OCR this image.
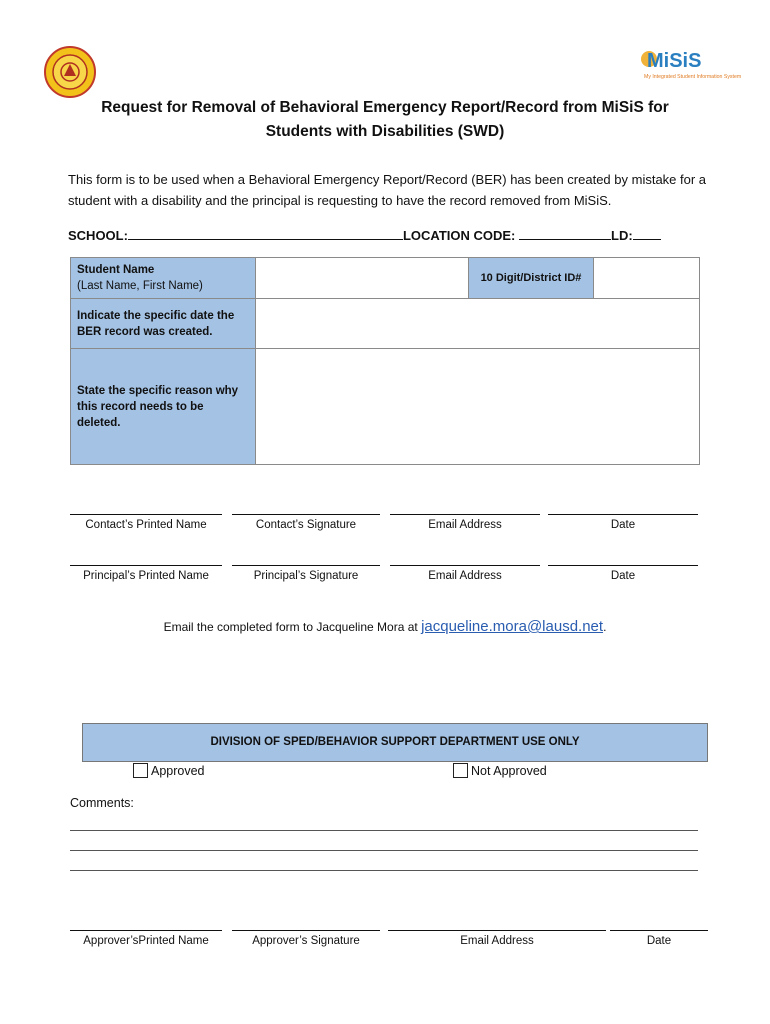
MiSiS
My Integrated Student Information System
Request for Removal of Behavioral Emergency Report/Record from MiSiS for
Students with Disabilities (SWD)
This form is to be used when a Behavioral Emergency Report/Record (BER) has been created by mistake for a student with a disability and the principal is requesting to have the record removed from MiSiS.
SCHOOL:	LOCATION CODE:	LD:
Student Name
(Last Name, First Name)		10 Digit/District ID#	
Indicate the specific date the BER record was created.			
State the specific reason why this record needs to be deleted.			
Contact’s Printed Name	Contact’s Signature	Email Address	Date
Principal’s Printed Name	Principal’s Signature	Email Address	Date
Email the completed form to Jacqueline Mora at jacqueline.mora@lausd.net.
DIVISION OF SPED/BEHAVIOR SUPPORT DEPARTMENT USE ONLY
Approved	Not Approved
Comments:
Approver’sPrinted Name	Approver’s Signature	Email Address	Date
